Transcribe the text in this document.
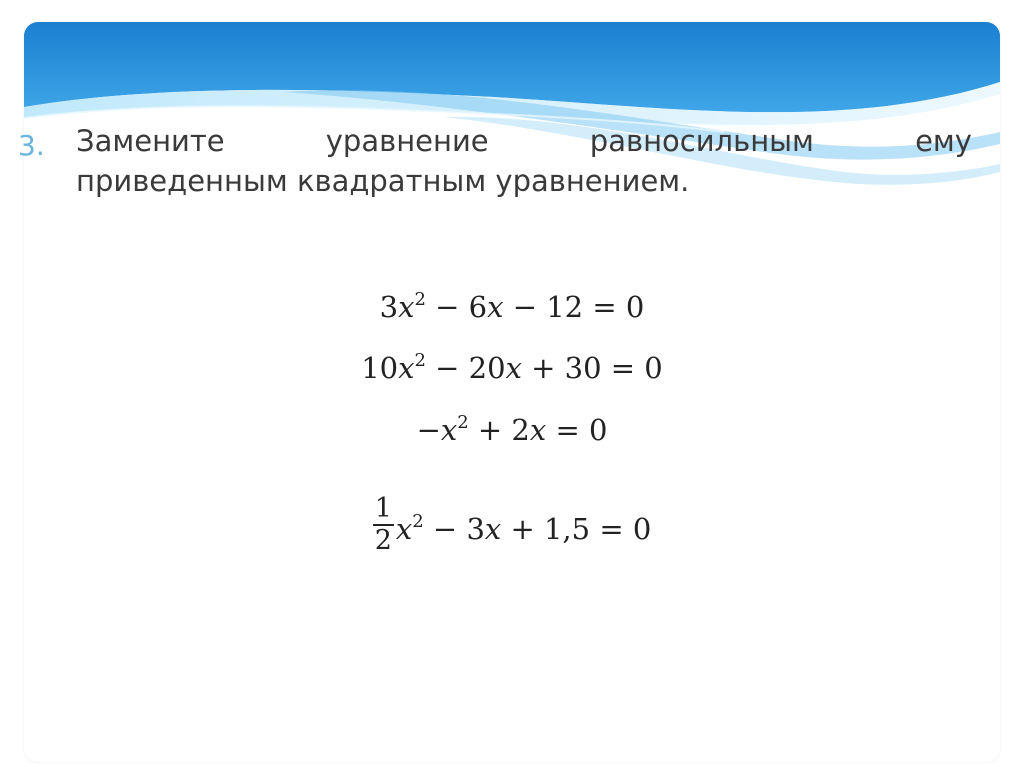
3. Замените	уравнение	равносильным	ему
приведенным квадратным уравнением.
$3x^2 - 6x - 12 = 0$
$10x^2 - 20x + 30 = 0$
$-x^2 + 2x = 0$
$\frac{1}{2} x^2 - 3x + 1,5 = 0$
